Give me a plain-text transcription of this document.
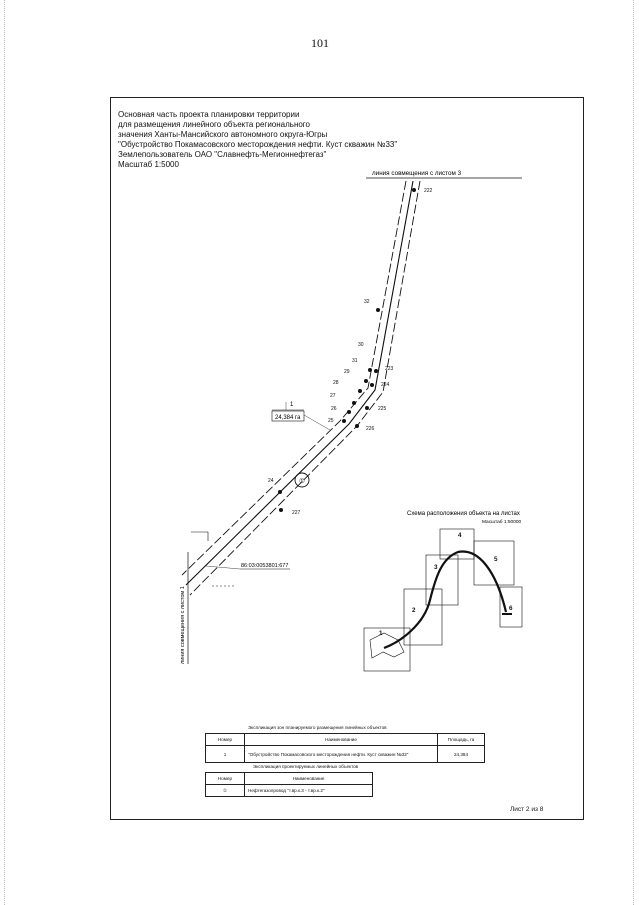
101
Основная часть проекта планировки территории
для размещения линейного объекта регионального
значения Ханты-Мансийского автономного округа-Югры
"Обустройство Покамасовского месторождения нефти. Куст скважин №33"
Землепользователь ОАО "Славнефть-Мегионнефтегаз"
Масштаб 1:5000
линия совмещения с листом 3
линия совмещения с листом 1
32
30
31
29
28
27
26
25
24
222
223
224
225
226
227
1
24,384 га
①
86:03:0053801:677
Схема расположения объекта на листах
Масштаб 1:50000
1
2
3
4
5
6
Экспликация зон планируемого размещения линейных объектов
Номер	Наименование	Площадь, га
1	"Обустройство Покамасовского месторождения нефти. Куст скважин №33"	24,384
Экспликация проектируемых линейных объектов
Номер	Наименование
①	Нефтегазопровод "т.вр.к.3 - т.вр.к.2"
Лист 2 из 8
